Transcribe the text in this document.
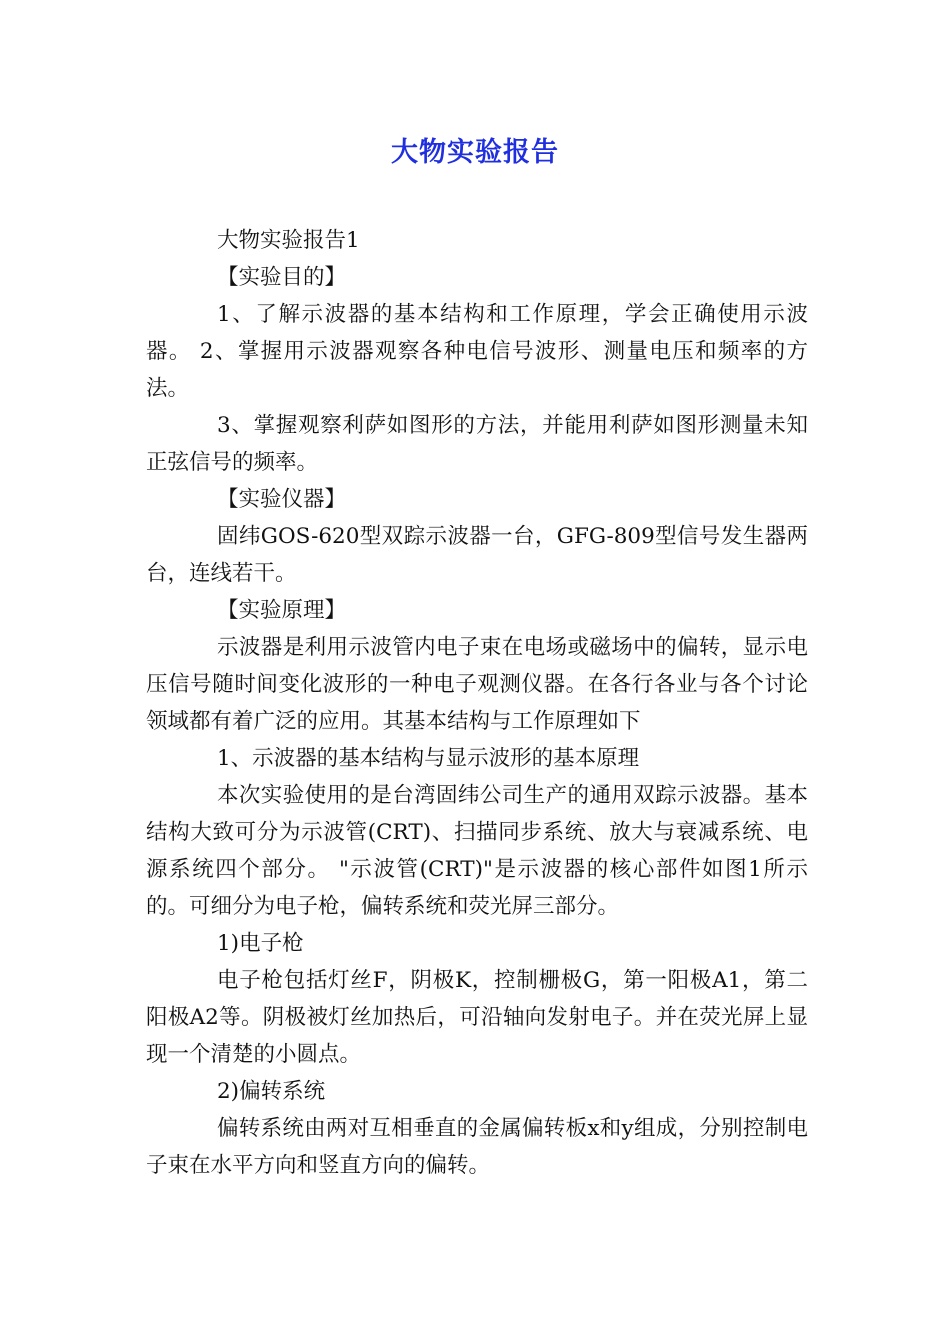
大物实验报告

大物实验报告1

【实验目的】

1、了解示波器的基本结构和工作原理，学会正确使用示波器。 2、掌握用示波器观察各种电信号波形、测量电压和频率的方法。

3、掌握观察利萨如图形的方法，并能用利萨如图形测量未知正弦信号的频率。

【实验仪器】

固纬GOS-620型双踪示波器一台，GFG-809型信号发生器两台，连线若干。

【实验原理】

示波器是利用示波管内电子束在电场或磁场中的偏转，显示电压信号随时间变化波形的一种电子观测仪器。在各行各业与各个讨论领域都有着广泛的应用。其基本结构与工作原理如下

1、示波器的基本结构与显示波形的基本原理

本次实验使用的是台湾固纬公司生产的通用双踪示波器。基本结构大致可分为示波管(CRT)、扫描同步系统、放大与衰减系统、电源系统四个部分。 "示波管(CRT)"是示波器的核心部件如图1所示的。可细分为电子枪，偏转系统和荧光屏三部分。

1)电子枪

电子枪包括灯丝F，阴极K，控制栅极G，第一阳极A1，第二阳极A2等。阴极被灯丝加热后，可沿轴向发射电子。并在荧光屏上显现一个清楚的小圆点。

2)偏转系统

偏转系统由两对互相垂直的金属偏转板x和y组成，分别控制电子束在水平方向和竖直方向的偏转。
